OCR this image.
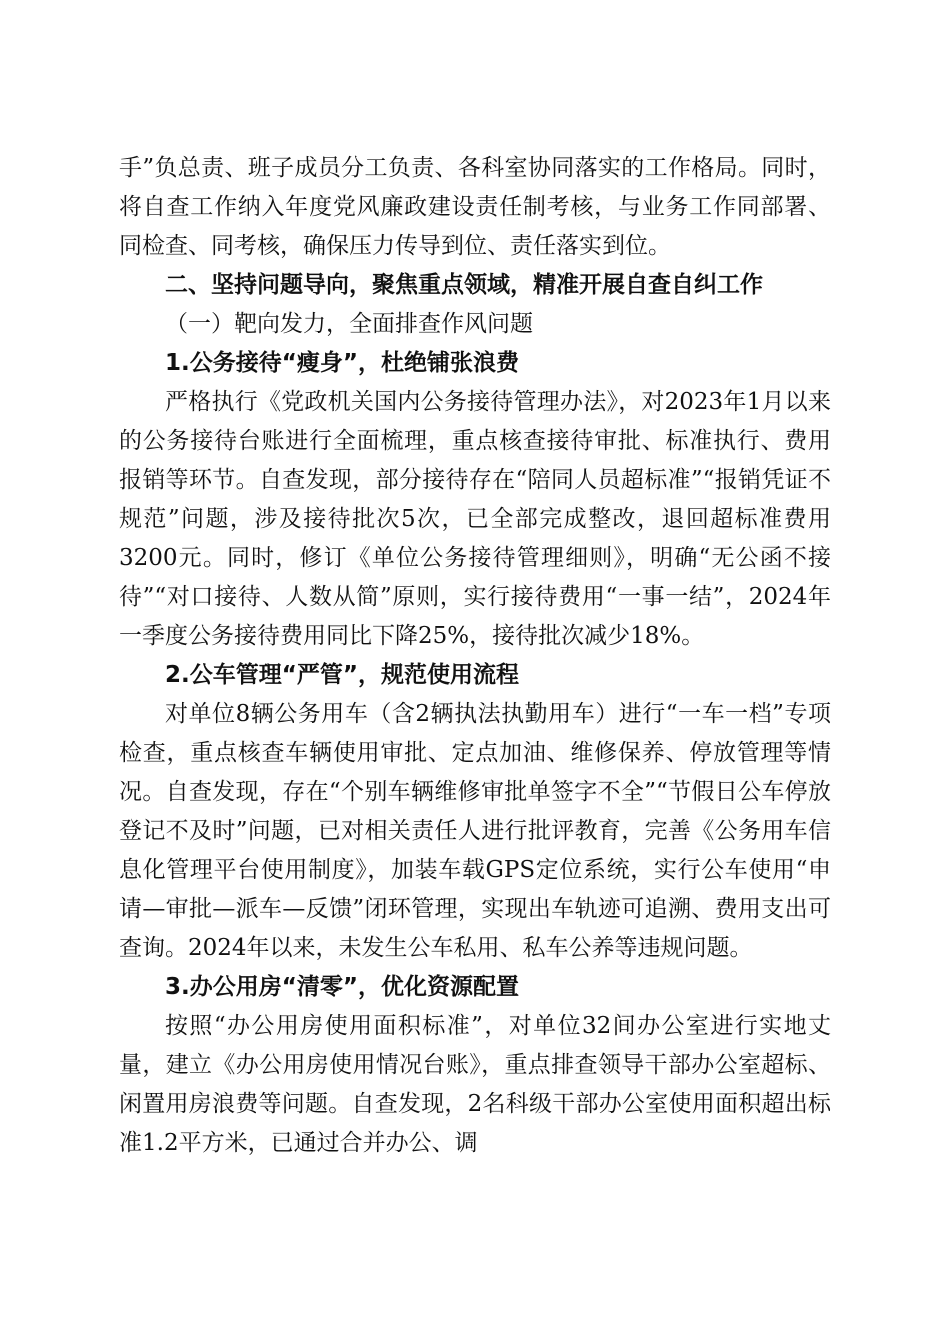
手”负总责、班子成员分工负责、各科室协同落实的工作格局。同时，将自查工作纳入年度党风廉政建设责任制考核，与业务工作同部署、同检查、同考核，确保压力传导到位、责任落实到位。

二、坚持问题导向，聚焦重点领域，精准开展自查自纠工作

（一）靶向发力，全面排查作风问题

1.公务接待“瘦身”，杜绝铺张浪费

严格执行《党政机关国内公务接待管理办法》，对2023年1月以来的公务接待台账进行全面梳理，重点核查接待审批、标准执行、费用报销等环节。自查发现，部分接待存在“陪同人员超标准”“报销凭证不规范”问题，涉及接待批次5次，已全部完成整改，退回超标准费用3200元。同时，修订《单位公务接待管理细则》，明确“无公函不接待”“对口接待、人数从简”原则，实行接待费用“一事一结”，2024年一季度公务接待费用同比下降25%，接待批次减少18%。

2.公车管理“严管”，规范使用流程

对单位8辆公务用车（含2辆执法执勤用车）进行“一车一档”专项检查，重点核查车辆使用审批、定点加油、维修保养、停放管理等情况。自查发现，存在“个别车辆维修审批单签字不全”“节假日公车停放登记不及时”问题，已对相关责任人进行批评教育，完善《公务用车信息化管理平台使用制度》，加装车载GPS定位系统，实行公车使用“申请—审批—派车—反馈”闭环管理，实现出车轨迹可追溯、费用支出可查询。2024年以来，未发生公车私用、私车公养等违规问题。

3.办公用房“清零”，优化资源配置

按照“办公用房使用面积标准”，对单位32间办公室进行实地丈量，建立《办公用房使用情况台账》，重点排查领导干部办公室超标、闲置用房浪费等问题。自查发现，2名科级干部办公室使用面积超出标准1.2平方米，已通过合并办公、调
